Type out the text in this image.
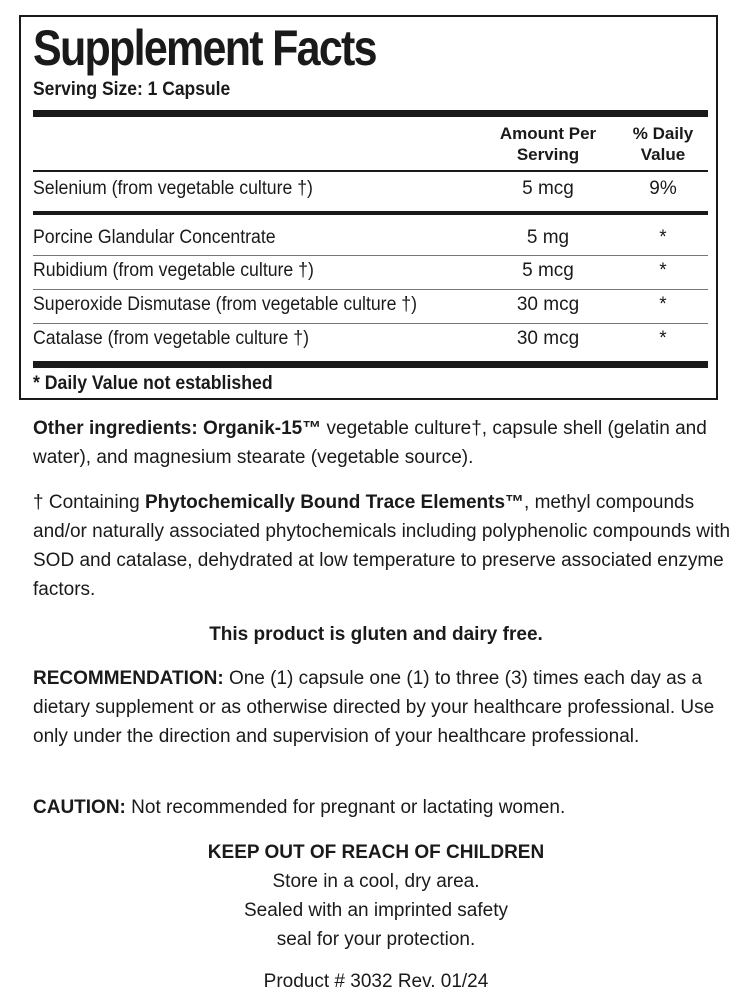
Supplement Facts
Serving Size: 1 Capsule
Amount Per
Serving
% Daily
Value
Selenium (from vegetable culture †)	5 mcg	9%
Porcine Glandular Concentrate	5 mg	*
Rubidium (from vegetable culture †)	5 mcg	*
Superoxide Dismutase (from vegetable culture †)	30 mcg	*
Catalase (from vegetable culture †)	30 mcg	*
* Daily Value not established
Other ingredients: Organik-15™ vegetable culture†, capsule shell (gelatin and water), and magnesium stearate (vegetable source).
† Containing Phytochemically Bound Trace Elements™, methyl compounds and/or naturally associated phytochemicals including polyphenolic compounds with SOD and catalase, dehydrated at low temperature to preserve associated enzyme factors.
This product is gluten and dairy free.
RECOMMENDATION: One (1) capsule one (1) to three (3) times each day as a dietary supplement or as otherwise directed by your healthcare professional. Use only under the direction and supervision of your healthcare professional.
CAUTION: Not recommended for pregnant or lactating women.
KEEP OUT OF REACH OF CHILDREN
Store in a cool, dry area.
Sealed with an imprinted safety
seal for your protection.
Product # 3032 Rev. 01/24
